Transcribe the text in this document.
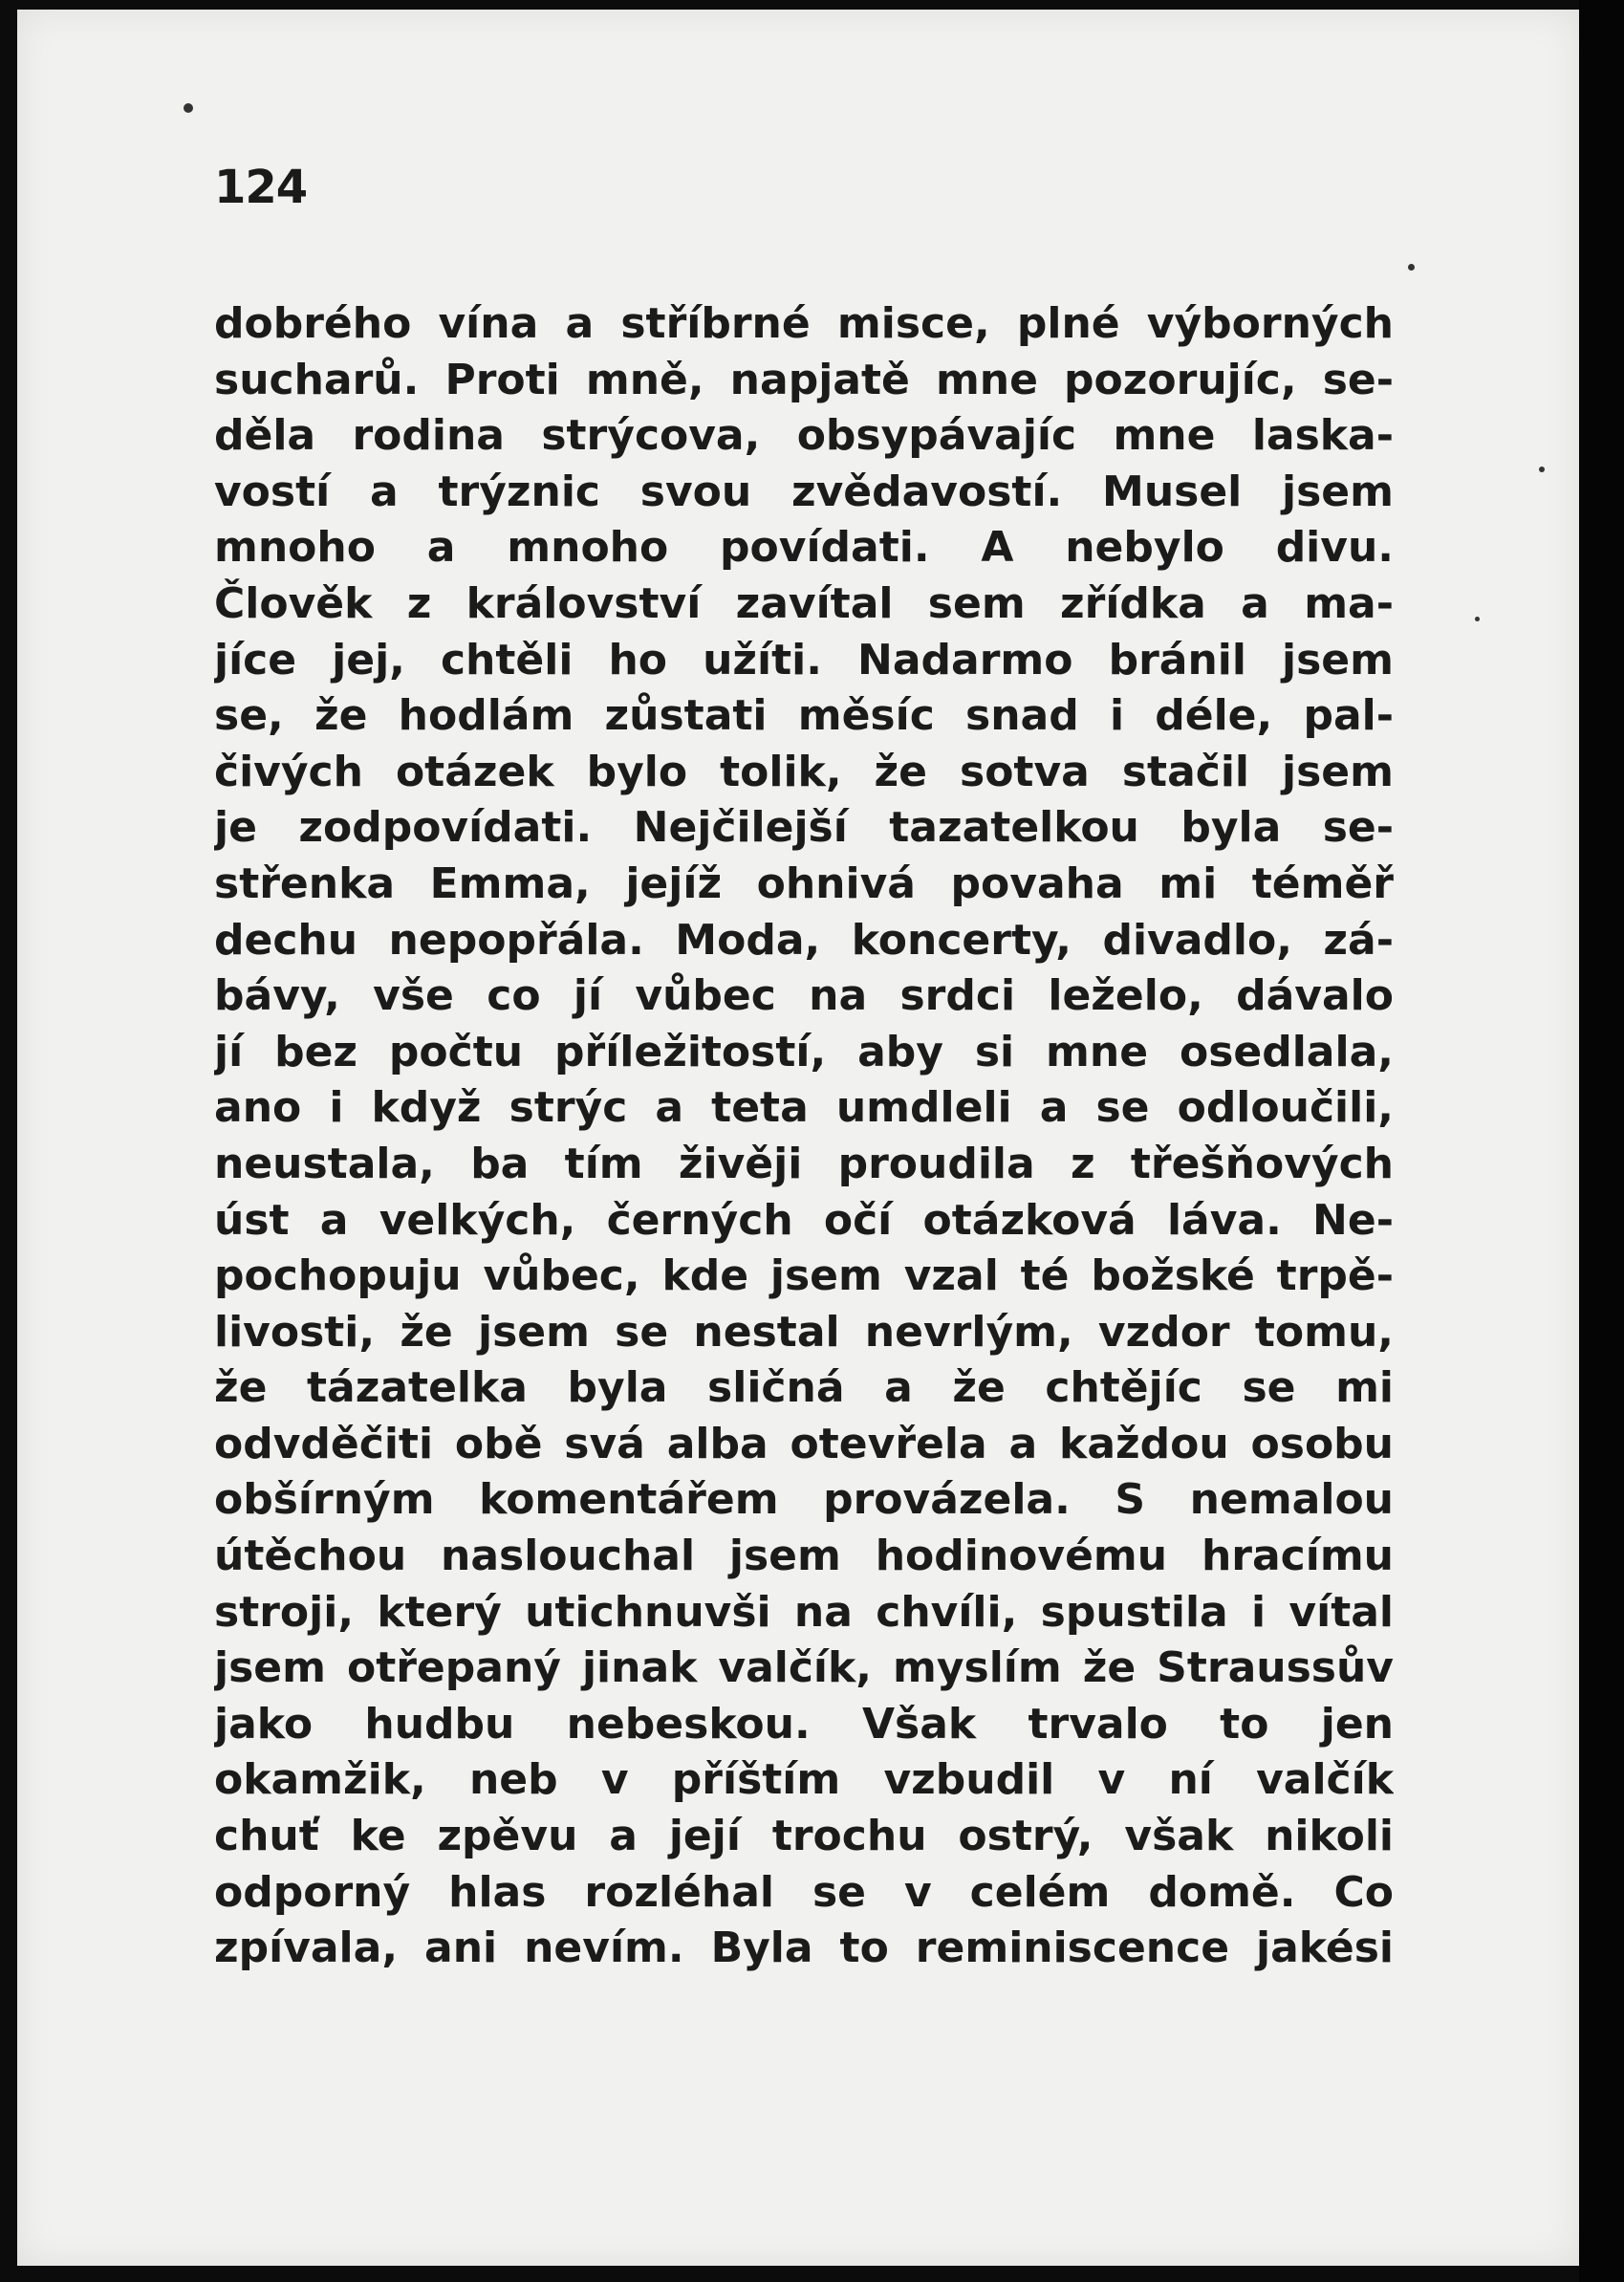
124
dobrého vína a stříbrné misce, plné výborných
sucharů. Proti mně, napjatě mne pozorujíc, se-
děla rodina strýcova, obsypávajíc mne laska-
vostí a trýznic svou zvědavostí. Musel jsem
mnoho a mnoho povídati. A nebylo divu.
Člověk z království zavítal sem zřídka a ma-
jíce jej, chtěli ho užíti. Nadarmo bránil jsem
se, že hodlám zůstati měsíc snad i déle, pal-
čivých otázek bylo tolik, že sotva stačil jsem
je zodpovídati. Nejčilejší tazatelkou byla se-
střenka Emma, jejíž ohnivá povaha mi téměř
dechu nepopřála. Moda, koncerty, divadlo, zá-
bávy, vše co jí vůbec na srdci leželo, dávalo
jí bez počtu příležitostí, aby si mne osedlala,
ano i když strýc a teta umdleli a se odloučili,
neustala, ba tím živěji proudila z třešňových
úst a velkých, černých očí otázková láva. Ne-
pochopuju vůbec, kde jsem vzal té božské trpě-
livosti, že jsem se nestal nevrlým, vzdor tomu,
že tázatelka byla sličná a že chtějíc se mi
odvděčiti obě svá alba otevřela a každou osobu
obšírným komentářem provázela. S nemalou
útěchou naslouchal jsem hodinovému hracímu
stroji, který utichnuvši na chvíli, spustila i vítal
jsem otřepaný jinak valčík, myslím že Straussův
jako hudbu nebeskou. Však trvalo to jen
okamžik, neb v příštím vzbudil v ní valčík
chuť ke zpěvu a její trochu ostrý, však nikoli
odporný hlas rozléhal se v celém domě. Co
zpívala, ani nevím. Byla to reminiscence jakési
